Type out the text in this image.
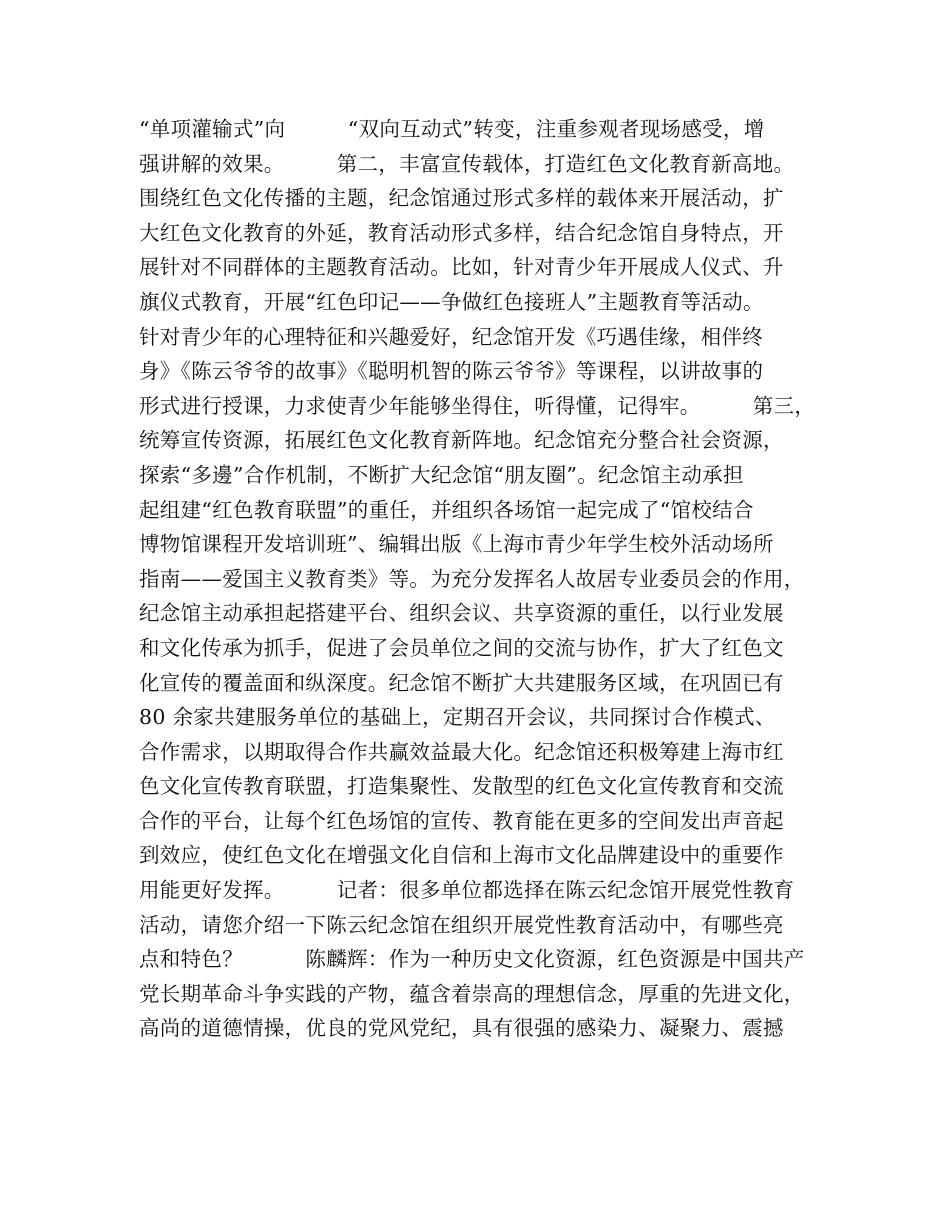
“单项灌输式”向　　　“双向互动式”转变，注重参观者现场感受，增
强讲解的效果。　　　第二，丰富宣传载体，打造红色文化教育新高地。
围绕红色文化传播的主题，纪念馆通过形式多样的载体来开展活动，扩
大红色文化教育的外延，教育活动形式多样，结合纪念馆自身特点，开
展针对不同群体的主题教育活动。比如，针对青少年开展成人仪式、升
旗仪式教育，开展“红色印记——争做红色接班人”主题教育等活动。
针对青少年的心理特征和兴趣爱好，纪念馆开发《巧遇佳缘，相伴终
身》《陈云爷爷的故事》《聪明机智的陈云爷爷》等课程，以讲故事的
形式进行授课，力求使青少年能够坐得住，听得懂，记得牢。　　　第三，
统筹宣传资源，拓展红色文化教育新阵地。纪念馆充分整合社会资源，
探索“多邊”合作机制，不断扩大纪念馆“朋友圈”。纪念馆主动承担
起组建“红色教育联盟”的重任，并组织各场馆一起完成了“馆校结合
博物馆课程开发培训班”、编辑出版《上海市青少年学生校外活动场所
指南——爱国主义教育类》等。为充分发挥名人故居专业委员会的作用，
纪念馆主动承担起搭建平台、组织会议、共享资源的重任，以行业发展
和文化传承为抓手，促进了会员单位之间的交流与协作，扩大了红色文
化宣传的覆盖面和纵深度。纪念馆不断扩大共建服务区域，在巩固已有
80 余家共建服务单位的基础上，定期召开会议，共同探讨合作模式、
合作需求，以期取得合作共赢效益最大化。纪念馆还积极筹建上海市红
色文化宣传教育联盟，打造集聚性、发散型的红色文化宣传教育和交流
合作的平台，让每个红色场馆的宣传、教育能在更多的空间发出声音起
到效应，使红色文化在增强文化自信和上海市文化品牌建设中的重要作
用能更好发挥。　　　记者：很多单位都选择在陈云纪念馆开展党性教育
活动，请您介绍一下陈云纪念馆在组织开展党性教育活动中，有哪些亮
点和特色？　　　陈麟辉：作为一种历史文化资源，红色资源是中国共产
党长期革命斗争实践的产物，蕴含着崇高的理想信念，厚重的先进文化，
高尚的道德情操，优良的党风党纪，具有很强的感染力、凝聚力、震撼
